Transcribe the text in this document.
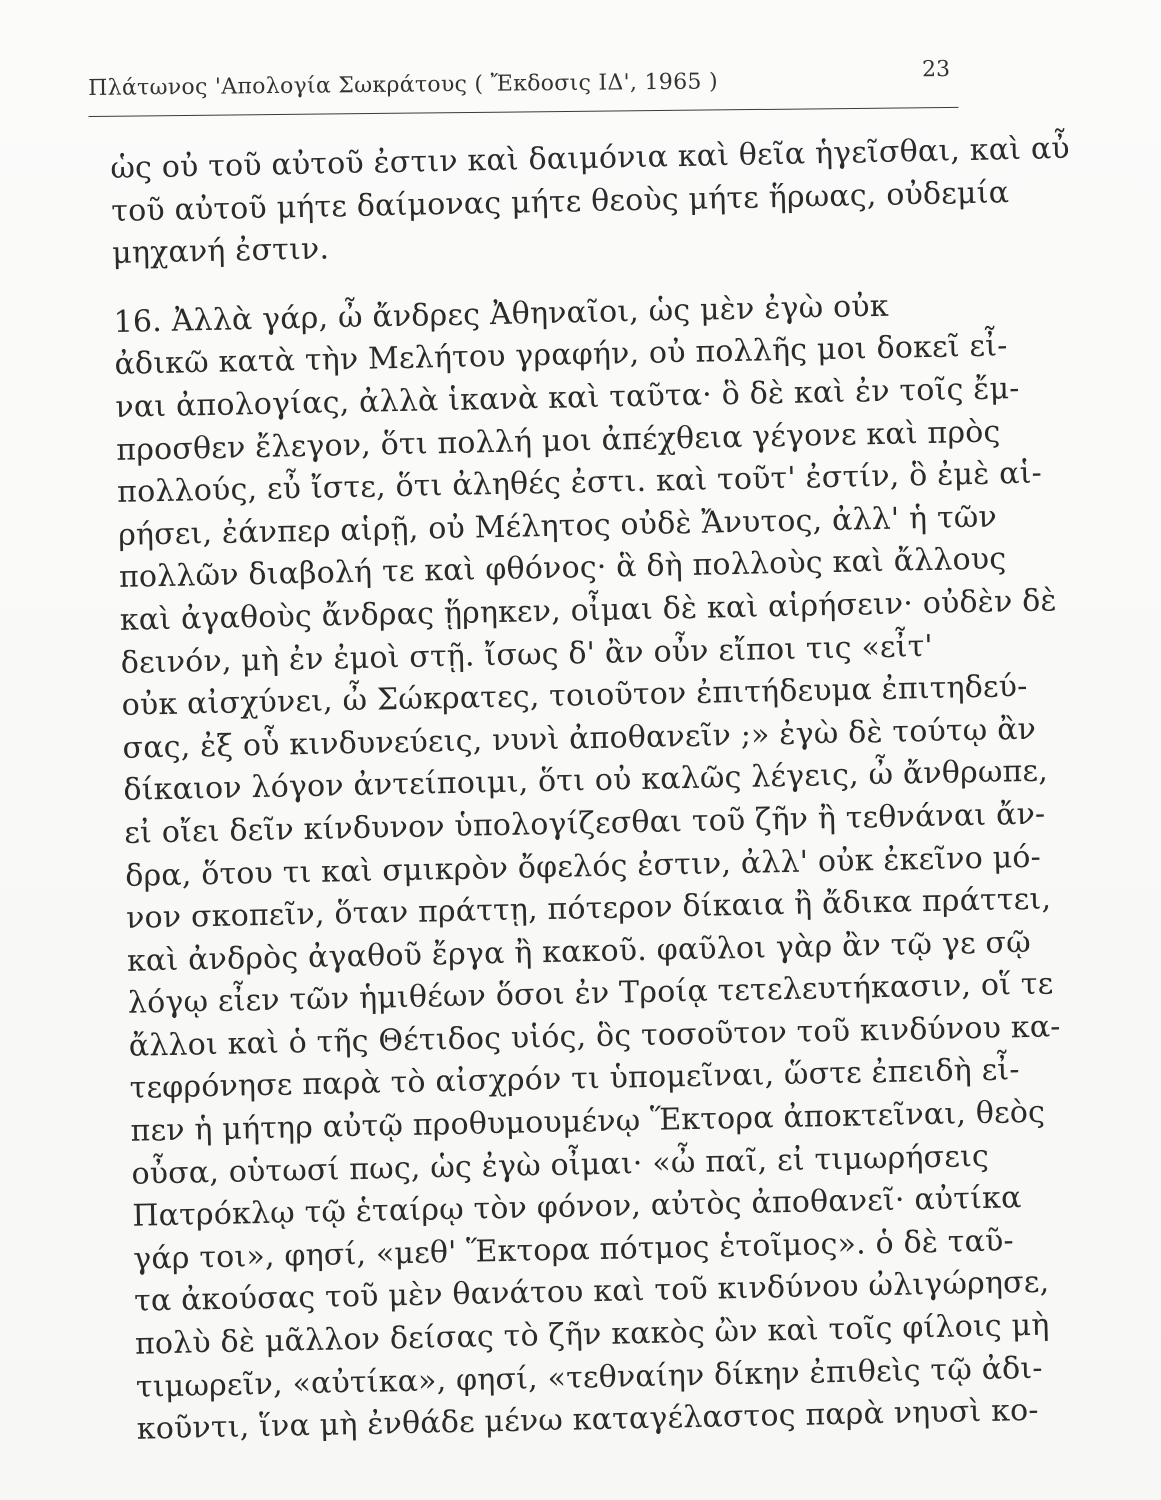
Πλάτωνος 'Απολογία Σωκράτους ( Ἔκδοσις ΙΔ', 1965 )	23
ὡς οὐ τοῦ αὐτοῦ ἐστιν καὶ δαιμόνια καὶ θεῖα ἡγεῖσθαι, καὶ αὖ
τοῦ αὐτοῦ μήτε δαίμονας μήτε θεοὺς μήτε ἥρωας, οὐδεμία
μηχανή ἐστιν.
16. Ἀλλὰ γάρ, ὦ ἄνδρες Ἀθηναῖοι, ὡς μὲν ἐγὼ οὐκ
ἀδικῶ κατὰ τὴν Μελήτου γραφήν, οὐ πολλῆς μοι δοκεῖ εἶ-
ναι ἀπολογίας, ἀλλὰ ἱκανὰ καὶ ταῦτα· ὃ δὲ καὶ ἐν τοῖς ἔμ-
προσθεν ἔλεγον, ὅτι πολλή μοι ἀπέχθεια γέγονε καὶ πρὸς
πολλούς, εὖ ἴστε, ὅτι ἀληθές ἐστι. καὶ τοῦτ' ἐστίν, ὃ ἐμὲ αἱ-
ρήσει, ἐάνπερ αἱρῇ, οὐ Μέλητος οὐδὲ Ἄνυτος, ἀλλ' ἡ τῶν
πολλῶν διαβολή τε καὶ φθόνος· ἃ δὴ πολλοὺς καὶ ἄλλους
καὶ ἀγαθοὺς ἄνδρας ᾕρηκεν, οἶμαι δὲ καὶ αἱρήσειν· οὐδὲν δὲ
δεινόν, μὴ ἐν ἐμοὶ στῇ. ἴσως δ' ἂν οὖν εἴποι τις «εἶτ'
οὐκ αἰσχύνει, ὦ Σώκρατες, τοιοῦτον ἐπιτήδευμα ἐπιτηδεύ-
σας, ἐξ οὗ κινδυνεύεις, νυνὶ ἀποθανεῖν ;» ἐγὼ δὲ τούτῳ ἂν
δίκαιον λόγον ἀντείποιμι, ὅτι οὐ καλῶς λέγεις, ὦ ἄνθρωπε,
εἰ οἴει δεῖν κίνδυνον ὑπολογίζεσθαι τοῦ ζῆν ἢ τεθνάναι ἄν-
δρα, ὅτου τι καὶ σμικρὸν ὄφελός ἐστιν, ἀλλ' οὐκ ἐκεῖνο μό-
νον σκοπεῖν, ὅταν πράττῃ, πότερον δίκαια ἢ ἄδικα πράττει,
καὶ ἀνδρὸς ἀγαθοῦ ἔργα ἢ κακοῦ. φαῦλοι γὰρ ἂν τῷ γε σῷ
λόγῳ εἶεν τῶν ἡμιθέων ὅσοι ἐν Τροίᾳ τετελευτήκασιν, οἵ τε
ἄλλοι καὶ ὁ τῆς Θέτιδος υἱός, ὃς τοσοῦτον τοῦ κινδύνου κα-
τεφρόνησε παρὰ τὸ αἰσχρόν τι ὑπομεῖναι, ὥστε ἐπειδὴ εἶ-
πεν ἡ μήτηρ αὐτῷ προθυμουμένῳ Ἕκτορα ἀποκτεῖναι, θεὸς
οὖσα, οὑτωσί πως, ὡς ἐγὼ οἶμαι· «ὦ παῖ, εἰ τιμωρήσεις
Πατρόκλῳ τῷ ἑταίρῳ τὸν φόνον, αὐτὸς ἀποθανεῖ· αὐτίκα
γάρ τοι», φησί, «μεθ' Ἕκτορα πότμος ἑτοῖμος». ὁ δὲ ταῦ-
τα ἀκούσας τοῦ μὲν θανάτου καὶ τοῦ κινδύνου ὠλιγώρησε,
πολὺ δὲ μᾶλλον δείσας τὸ ζῆν κακὸς ὢν καὶ τοῖς φίλοις μὴ
τιμωρεῖν, «αὐτίκα», φησί, «τεθναίην δίκην ἐπιθεὶς τῷ ἀδι-
κοῦντι, ἵνα μὴ ἐνθάδε μένω καταγέλαστος παρὰ νηυσὶ κο-
